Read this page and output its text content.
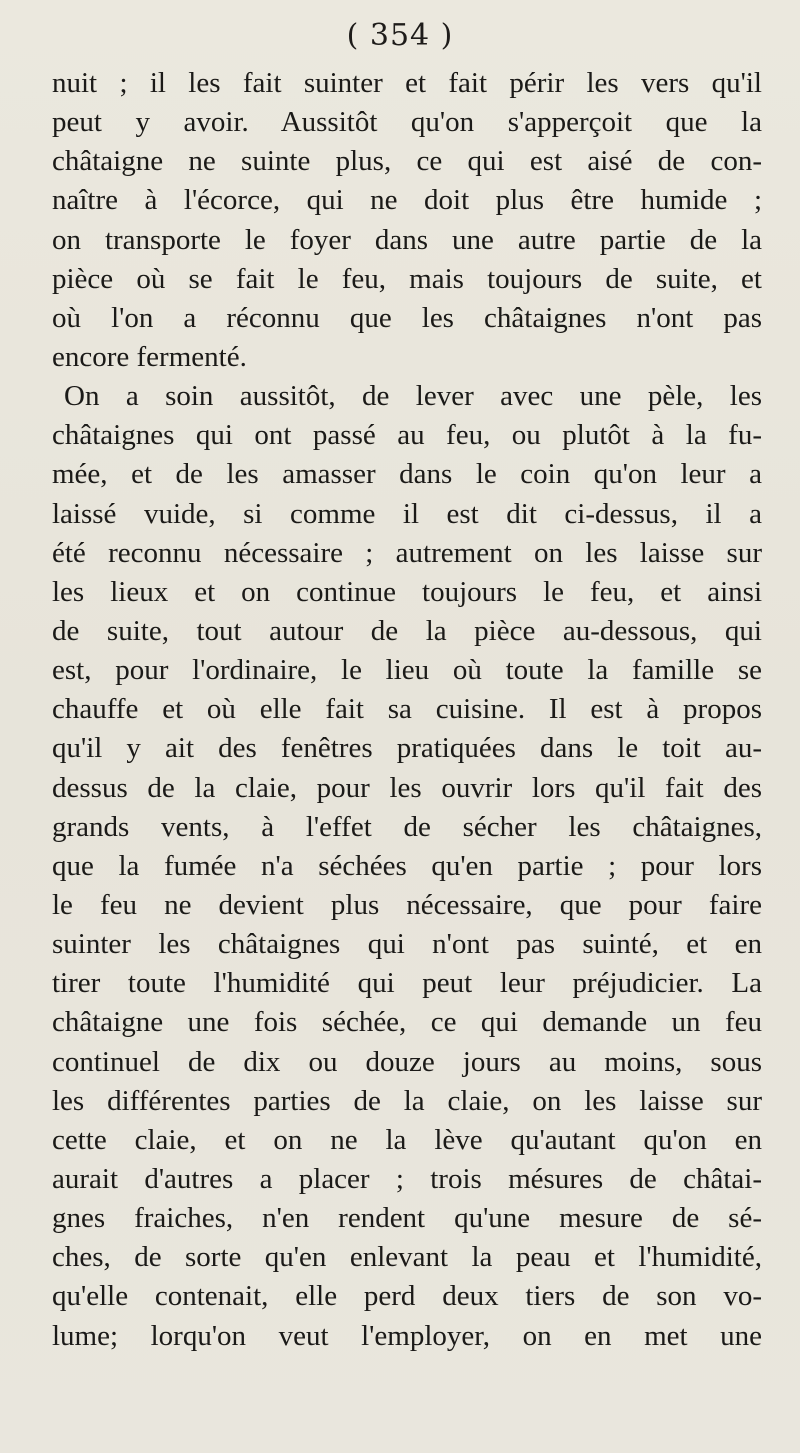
( 354 )
nuit ; il les fait suinter et fait périr les vers qu'il
peut y avoir. Aussitôt qu'on s'apperçoit que la
châtaigne ne suinte plus, ce qui est aisé de con-
naître à l'écorce, qui ne doit plus être humide ;
on transporte le foyer dans une autre partie de la
pièce où se fait le feu, mais toujours de suite, et
où l'on a réconnu que les châtaignes n'ont pas
encore fermenté.
On a soin aussitôt, de lever avec une pèle, les
châtaignes qui ont passé au feu, ou plutôt à la fu-
mée, et de les amasser dans le coin qu'on leur a
laissé vuide, si comme il est dit ci-dessus, il a
été reconnu nécessaire ; autrement on les laisse sur
les lieux et on continue toujours le feu, et ainsi
de suite, tout autour de la pièce au-dessous, qui
est, pour l'ordinaire, le lieu où toute la famille se
chauffe et où elle fait sa cuisine. Il est à propos
qu'il y ait des fenêtres pratiquées dans le toit au-
dessus de la claie, pour les ouvrir lors qu'il fait des
grands vents, à l'effet de sécher les châtaignes,
que la fumée n'a séchées qu'en partie ; pour lors
le feu ne devient plus nécessaire, que pour faire
suinter les châtaignes qui n'ont pas suinté, et en
tirer toute l'humidité qui peut leur préjudicier. La
châtaigne une fois séchée, ce qui demande un feu
continuel de dix ou douze jours au moins, sous
les différentes parties de la claie, on les laisse sur
cette claie, et on ne la lève qu'autant qu'on en
aurait d'autres a placer ; trois mésures de châtai-
gnes fraiches, n'en rendent qu'une mesure de sé-
ches, de sorte qu'en enlevant la peau et l'humidité,
qu'elle contenait, elle perd deux tiers de son vo-
lume; lorqu'on veut l'employer, on en met une
